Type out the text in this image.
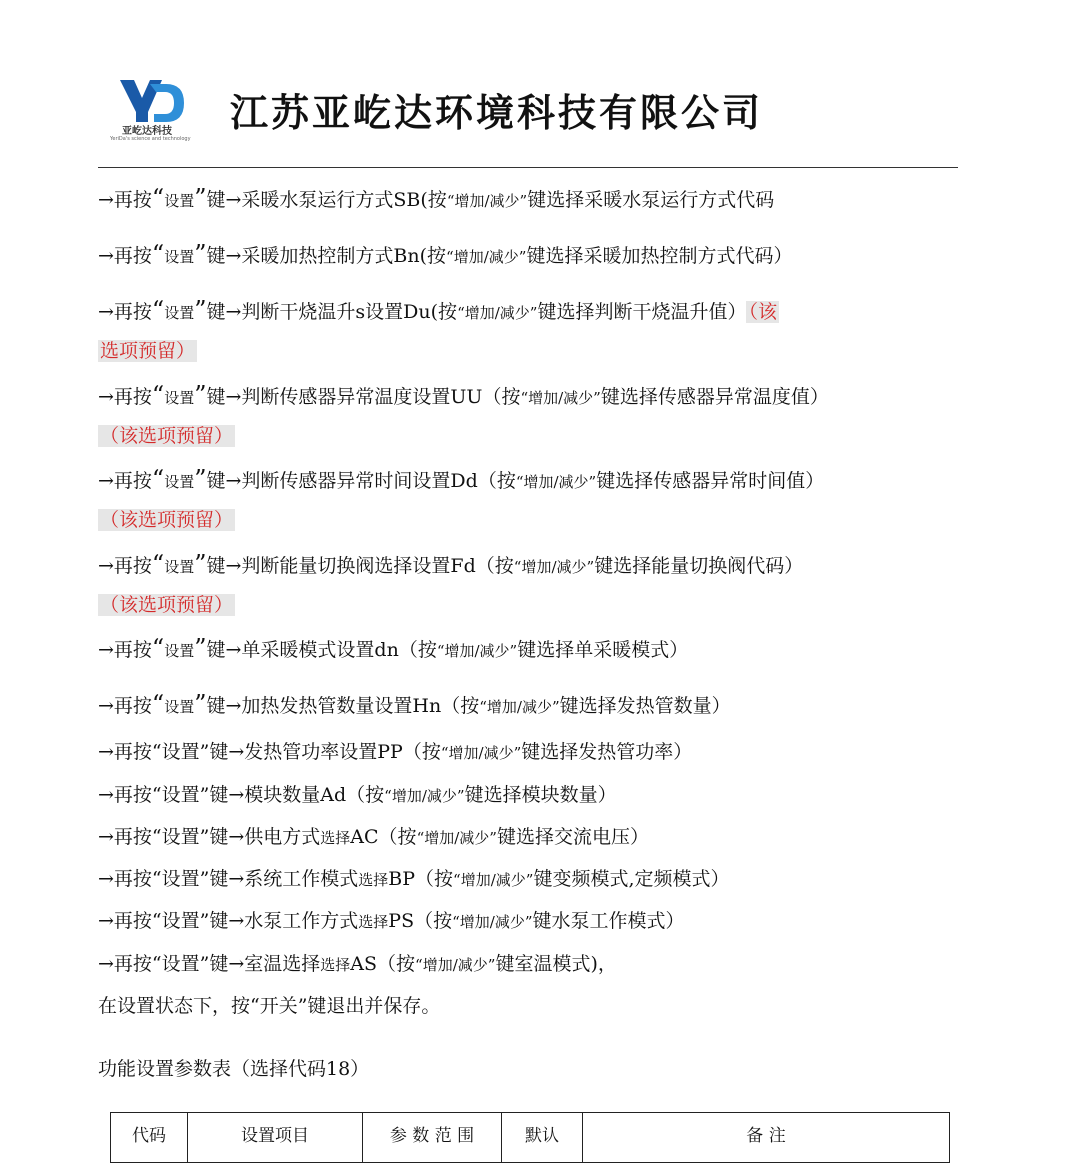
亚屹达科技
YeriDa's science and technology
江苏亚屹达环境科技有限公司
→再按“设置”键→采暖水泵运行方式SB(按“增加/减少”键选择采暖水泵运行方式代码
→再按“设置”键→采暖加热控制方式Bn(按“增加/减少”键选择采暖加热控制方式代码）
→再按“设置”键→判断干烧温升s设置Du(按“增加/减少”键选择判断干烧温升值） （该
选项预留）
→再按“设置”键→判断传感器异常温度设置UU（按“增加/减少”键选择传感器异常温度值）
（该选项预留）
→再按“设置”键→判断传感器异常时间设置Dd（按“增加/减少”键选择传感器异常时间值）
（该选项预留）
→再按“设置”键→判断能量切换阀选择设置Fd（按“增加/减少”键选择能量切换阀代码）
（该选项预留）
→再按“设置”键→单采暖模式设置dn（按“增加/减少”键选择单采暖模式）
→再按“设置”键→加热发热管数量设置Hn（按“增加/减少”键选择发热管数量）
→再按“设置”键→发热管功率设置PP（按“增加/减少”键选择发热管功率）
→再按“设置”键→模块数量Ad（按“增加/减少”键选择模块数量）
→再按“设置”键→供电方式选择AC（按“增加/减少”键选择交流电压）
→再按“设置”键→系统工作模式选择BP（按“增加/减少”键变频模式,定频模式）
→再按“设置”键→水泵工作方式选择PS（按“增加/减少”键水泵工作模式）
→再按“设置”键→室温选择选择AS（按“增加/减少”键室温模式)，
在设置状态下，按“开关”键退出并保存。
功能设置参数表（选择代码18）
代码	设置项目	参 数 范 围	默认	备 注
